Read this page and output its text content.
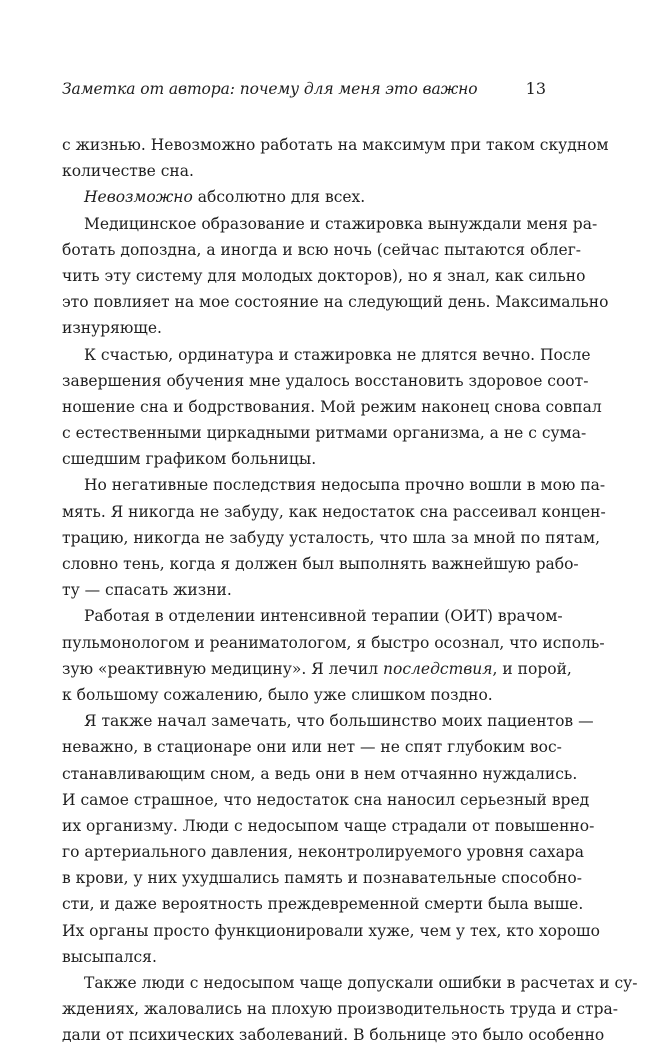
Заметка от автора: почему для меня это важно	13
с жизнью. Невозможно работать на максимум при таком скудном
количестве сна.
Невозможно абсолютно для всех.
Медицинское образование и стажировка вынуждали меня ра-
ботать допоздна, а иногда и всю ночь (сейчас пытаются облег-
чить эту систему для молодых докторов), но я знал, как сильно
это повлияет на мое состояние на следующий день. Максимально
изнуряюще.
К счастью, ординатура и стажировка не длятся вечно. После
завершения обучения мне удалось восстановить здоровое соот-
ношение сна и бодрствования. Мой режим наконец снова совпал
с естественными циркадными ритмами организма, а не с сума-
сшедшим графиком больницы.
Но негативные последствия недосыпа прочно вошли в мою па-
мять. Я никогда не забуду, как недостаток сна рассеивал концен-
трацию, никогда не забуду усталость, что шла за мной по пятам,
словно тень, когда я должен был выполнять важнейшую рабо-
ту — спасать жизни.
Работая в отделении интенсивной терапии (ОИТ) врачом-
пульмонологом и реаниматологом, я быстро осознал, что исполь-
зую «реактивную медицину». Я лечил последствия, и порой,
к большому сожалению, было уже слишком поздно.
Я также начал замечать, что большинство моих пациентов —
неважно, в стационаре они или нет — не спят глубоким вос-
станавливающим сном, а ведь они в нем отчаянно нуждались.
И самое страшное, что недостаток сна наносил серьезный вред
их организму. Люди с недосыпом чаще страдали от повышенно-
го артериального давления, неконтролируемого уровня сахара
в крови, у них ухудшались память и познавательные способно-
сти, и даже вероятность преждевременной смерти была выше.
Их органы просто функционировали хуже, чем у тех, кто хорошо
высыпался.
Также люди с недосыпом чаще допускали ошибки в расчетах и су-
ждениях, жаловались на плохую производительность труда и стра-
дали от психических заболеваний. В больнице это было особенно
